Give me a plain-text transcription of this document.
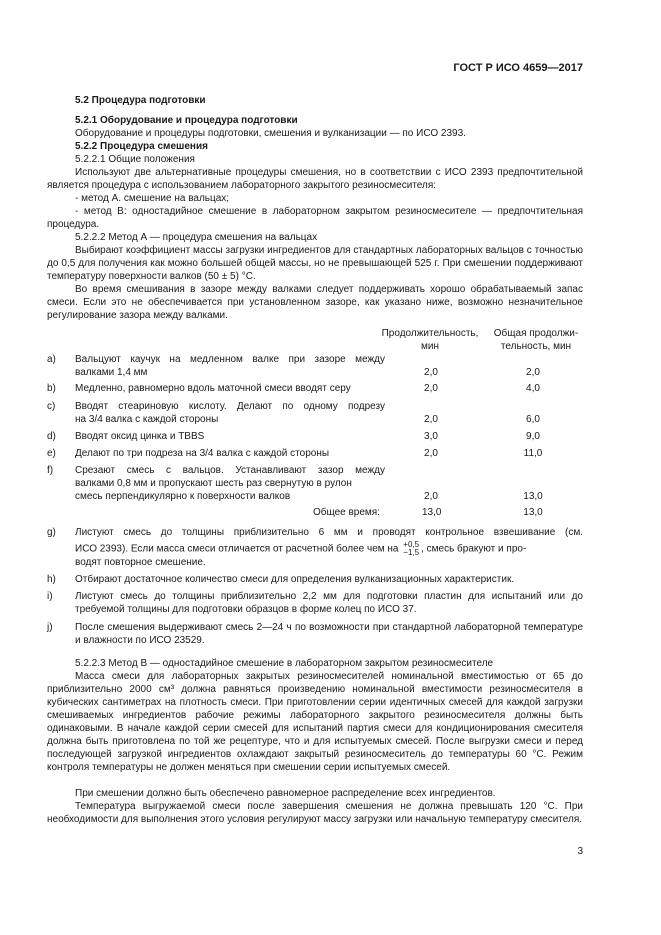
ГОСТ Р ИСО 4659—2017
5.2 Процедура подготовки
5.2.1 Оборудование и процедура подготовки
Оборудование и процедуры подготовки, смешения и вулканизации — по ИСО 2393.
5.2.2 Процедура смешения
5.2.2.1 Общие положения
Используют две альтернативные процедуры смешения, но в соответствии с ИСО 2393 предпочтительной является процедура с использованием лабораторного закрытого резиносмесителя:
- метод А. смешение на вальцах;
- метод В: одностадийное смешение в лабораторном закрытом резиносмесителе — предпочтительная процедура.
5.2.2.2 Метод А — процедура смешения на вальцах
Выбирают коэффициент массы загрузки ингредиентов для стандартных лабораторных вальцов с точностью до 0,5 для получения как можно большей общей массы, но не превышающей 525 г. При смешении поддерживают температуру поверхности валков (50 ± 5) °С.
Во время смешивания в зазоре между валками следует поддерживать хорошо обрабатываемый запас смеси. Если это не обеспечивается при установленном зазоре, как указано ниже, возможно незначительное регулирование зазора между валками.
Продолжительность,
мин
Общая продолжи-
тельность, мин
a) Вальцуют каучук на медленном валке при зазоре между
валками 1,4 мм	2,0	2,0
b) Медленно, равномерно вдоль маточной смеси вводят серу	2,0	4,0
c) Вводят стеариновую кислоту. Делают по одному подрезу
на 3/4 валка с каждой стороны	2,0	6,0
d) Вводят оксид цинка и TBBS	3,0	9,0
e) Делают по три подреза на 3/4 валка с каждой стороны	2,0	11,0
f) Срезают смесь с вальцов. Устанавливают зазор между
валками 0,8 мм и пропускают шесть раз свернутую в рулон
смесь перпендикулярно к поверхности валков	2,0	13,0
Общее время:	13,0	13,0
g) Листуют смесь до толщины приблизительно 6 мм и проводят контрольное взвешивание (см.
ИСО 2393). Если масса смеси отличается от расчетной более чем на +0,5
−1,5 , смесь бракуют и про-
водят повторное смешение.
h) Отбирают достаточное количество смеси для определения вулканизационных характеристик.
i) Листуют смесь до толщины приблизительно 2,2 мм для подготовки пластин для испытаний или до требуемой толщины для подготовки образцов в форме колец по ИСО 37.
j) После смешения выдерживают смесь 2—24 ч по возможности при стандартной лабораторной температуре и влажности по ИСО 23529.
5.2.2.3 Метод В — одностадийное смешение в лабораторном закрытом резиносмесителе
Масса смеси для лабораторных закрытых резиносмесителей номинальной вместимостью от 65 до приблизительно 2000 см³ должна равняться произведению номинальной вместимости резиносмесителя в кубических сантиметрах на плотность смеси. При приготовлении серии идентичных смесей для каждой загрузки смешиваемых ингредиентов рабочие режимы лабораторного закрытого резиносмесителя должны быть одинаковыми. В начале каждой серии смесей для испытаний партия смеси для кондиционирования смесителя должна быть приготовлена по той же рецептуре, что и для испытуемых смесей. После выгрузки смеси и перед последующей загрузкой ингредиентов охлаждают закрытый резиносмеситель до температуры 60 °С. Режим контроля температуры не должен меняться при смешении серии испытуемых смесей.
При смешении должно быть обеспечено равномерное распределение всех ингредиентов.
Температура выгружаемой смеси после завершения смешения не должна превышать 120 °С. При необходимости для выполнения этого условия регулируют массу загрузки или начальную температуру смесителя.
3
